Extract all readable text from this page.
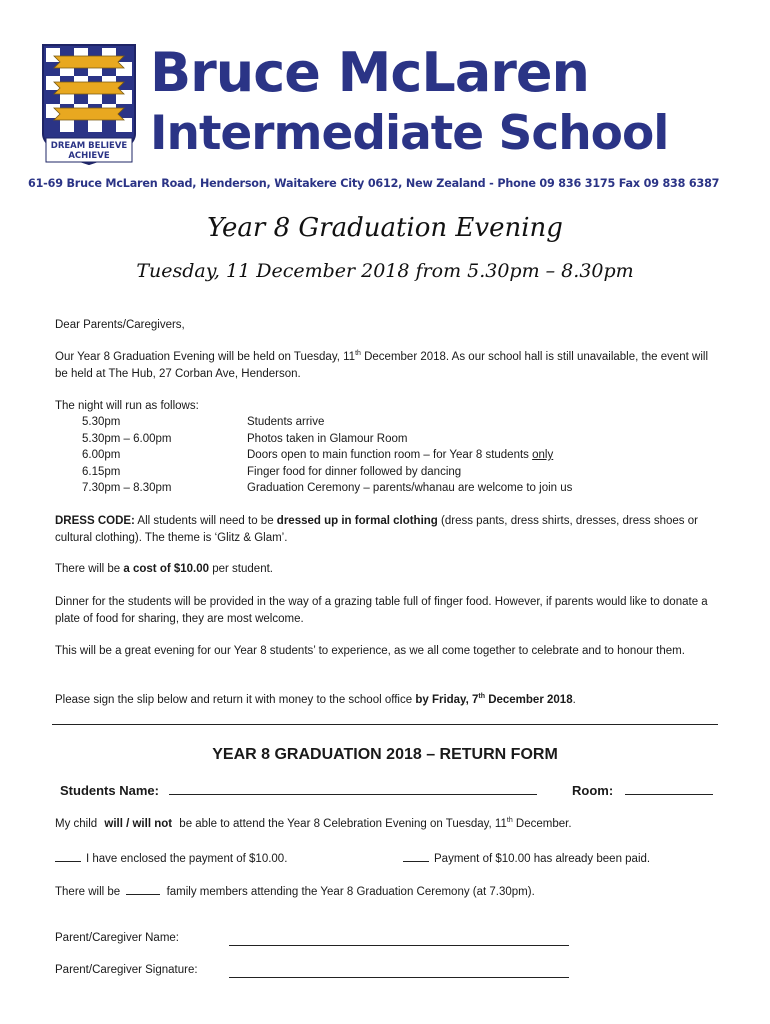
DREAM BELIEVE
ACHIEVE
Bruce McLaren
Intermediate School
61-69 Bruce McLaren Road, Henderson, Waitakere City 0612, New Zealand - Phone 09 836 3175 Fax 09 838 6387
Year 8 Graduation Evening
Tuesday, 11 December 2018 from 5.30pm – 8.30pm
Dear Parents/Caregivers,
Our Year 8 Graduation Evening will be held on Tuesday, 11th December 2018. As our school hall is still unavailable, the event will be held at The Hub, 27 Corban Ave, Henderson.
The night will run as follows:
5.30pm	Students arrive
5.30pm – 6.00pm	Photos taken in Glamour Room
6.00pm	Doors open to main function room – for Year 8 students only
6.15pm	Finger food for dinner followed by dancing
7.30pm – 8.30pm	Graduation Ceremony – parents/whanau are welcome to join us
DRESS CODE: All students will need to be dressed up in formal clothing (dress pants, dress shirts, dresses, dress shoes or cultural clothing). The theme is ‘Glitz & Glam’.
There will be a cost of $10.00 per student.
Dinner for the students will be provided in the way of a grazing table full of finger food. However, if parents would like to donate a plate of food for sharing, they are most welcome.
This will be a great evening for our Year 8 students’ to experience, as we all come together to celebrate and to honour them.
Please sign the slip below and return it with money to the school office by Friday, 7th December 2018.
YEAR 8 GRADUATION 2018 – RETURN FORM
Students Name:	Room:
My child will / will not be able to attend the Year 8 Celebration Evening on Tuesday, 11th December.
I have enclosed the payment of $10.00.	Payment of $10.00 has already been paid.
There will be	family members attending the Year 8 Graduation Ceremony (at 7.30pm).
Parent/Caregiver Name:
Parent/Caregiver Signature:
